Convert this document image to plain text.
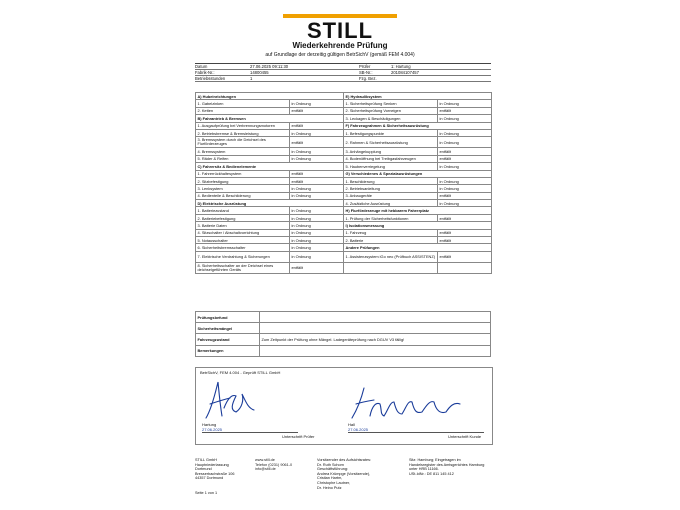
STILL
Wiederkehrende Prüfung
auf Grundlage der derzeitig gültigen BetrSichV (gemäß FEM 4.004)
Datum	27.06.2025 09:11:30	Prüfer	1: Hartung
Fabrik-Nr.:	14800455	SB-Nr.:	201084107457
Betriebsstunden	1	Fzg. Bez.
A) Hubeinrichtungen		E) Hydrauliksystem	
1. Gabelzinken	in Ordnung	1. Sicherheitsprüfung Senken	in Ordnung
2. Ketten	entfällt	2. Sicherheitsprüfung Vorneigen	entfällt
B) Fahrantrieb & Bremsen		3. Leckagen & Beschädigungen	in Ordnung
1. Ausgaufprüfung bei Verbrennungsmotoren	entfällt	F) Fahrzeugrahmen & Sicherheitsausrüstung	
2. Betriebsbremse & Bremsleistung	in Ordnung	1. Befestigungspunkte	in Ordnung
3. Bremssystem durch die Deichsel des Flurförderzeuges	entfällt	2. Rahmen & Sicherheitsausrüstung	in Ordnung
4. Bremssystem	in Ordnung	3. Anhängekupplung	entfällt
5. Räder & Reifen	in Ordnung	4. Bodenöffnung bei Treibgasfahrzeugen	entfällt
C) Fahrersitz & Bedienelemente		5. Haubenverriegelung	in Ordnung
1. Fahrerrückhaltesystem	entfällt	G) Verschiedenes & Spezialausrüstungen	
2. Sitzbefestigung	entfällt	1. Beschilderung	in Ordnung
3. Lenksystem	in Ordnung	2. Betriebsanleitung	in Ordnung
4. Bedienteile & Beschilderung	in Ordnung	3. Anbaugeräte	entfällt
D) Elektrische Ausrüstung		4. Zusätzliche Ausrüstung	in Ordnung
1. Batteriezustand	in Ordnung	H) Flurförderzeuge mit hebbarem Fahrerplatz	
2. Batteriebefestigung	in Ordnung	1. Prüfung der Sicherheitsfunktionen	entfällt
3. Batterie Daten	in Ordnung	I) Isolationsmessung	
4. Sitzschalter / Abschaltvorrichtung	in Ordnung	1. Fahrzeug	entfällt
5. Notausschalter	in Ordnung	2. Batterie	entfällt
6. Sicherheitsbremsschalter	in Ordnung	Andere Prüfungen	
7. Elektrische Verdrahtung & Sicherungen	in Ordnung	1. Assistenzsystem iGo neo (Prüfbuch ASSISTENZ)	entfällt
8. Sicherheitsschalter an der Deichsel eines deichselgeführten Geräts	entfällt		
Prüfungsbefund	
Sicherheitsmängel	
Fahrzeugzustand	Zum Zeitpunkt der Prüfung ohne Mängel. Ladegeräteprüfung nach DGUV V3 fällig!
Bemerkungen	
BetrSichV, FEM 4.004 - Geprüft STILL GmbH
Hartung
27.06.2025
Unterschrift Prüfer
Hall
27.06.2025
Unterschrift Kunde
STILL GmbH
Hauptniederlassung
Dortmund
Bresserbachstraße 106
44357 Dortmund
www.still.de
Telefon (0231) 9061-0
info@still.de
Vorsitzender des Aufsichtsrates:
Dr. Ruth Schorn
Geschäftsführung:
Andrea Krümpge (Vorsitzende),
Cristian Hartm,
Christophe Lautner,
Dr. Heino Putz
Sitz: Hamburg; Eingetragen im
Handelsregister des Amtsgerichtes Hamburg
unter HRB 11166.
USt-IdNr.: DE 811 145 412
Seite 1 von 1
